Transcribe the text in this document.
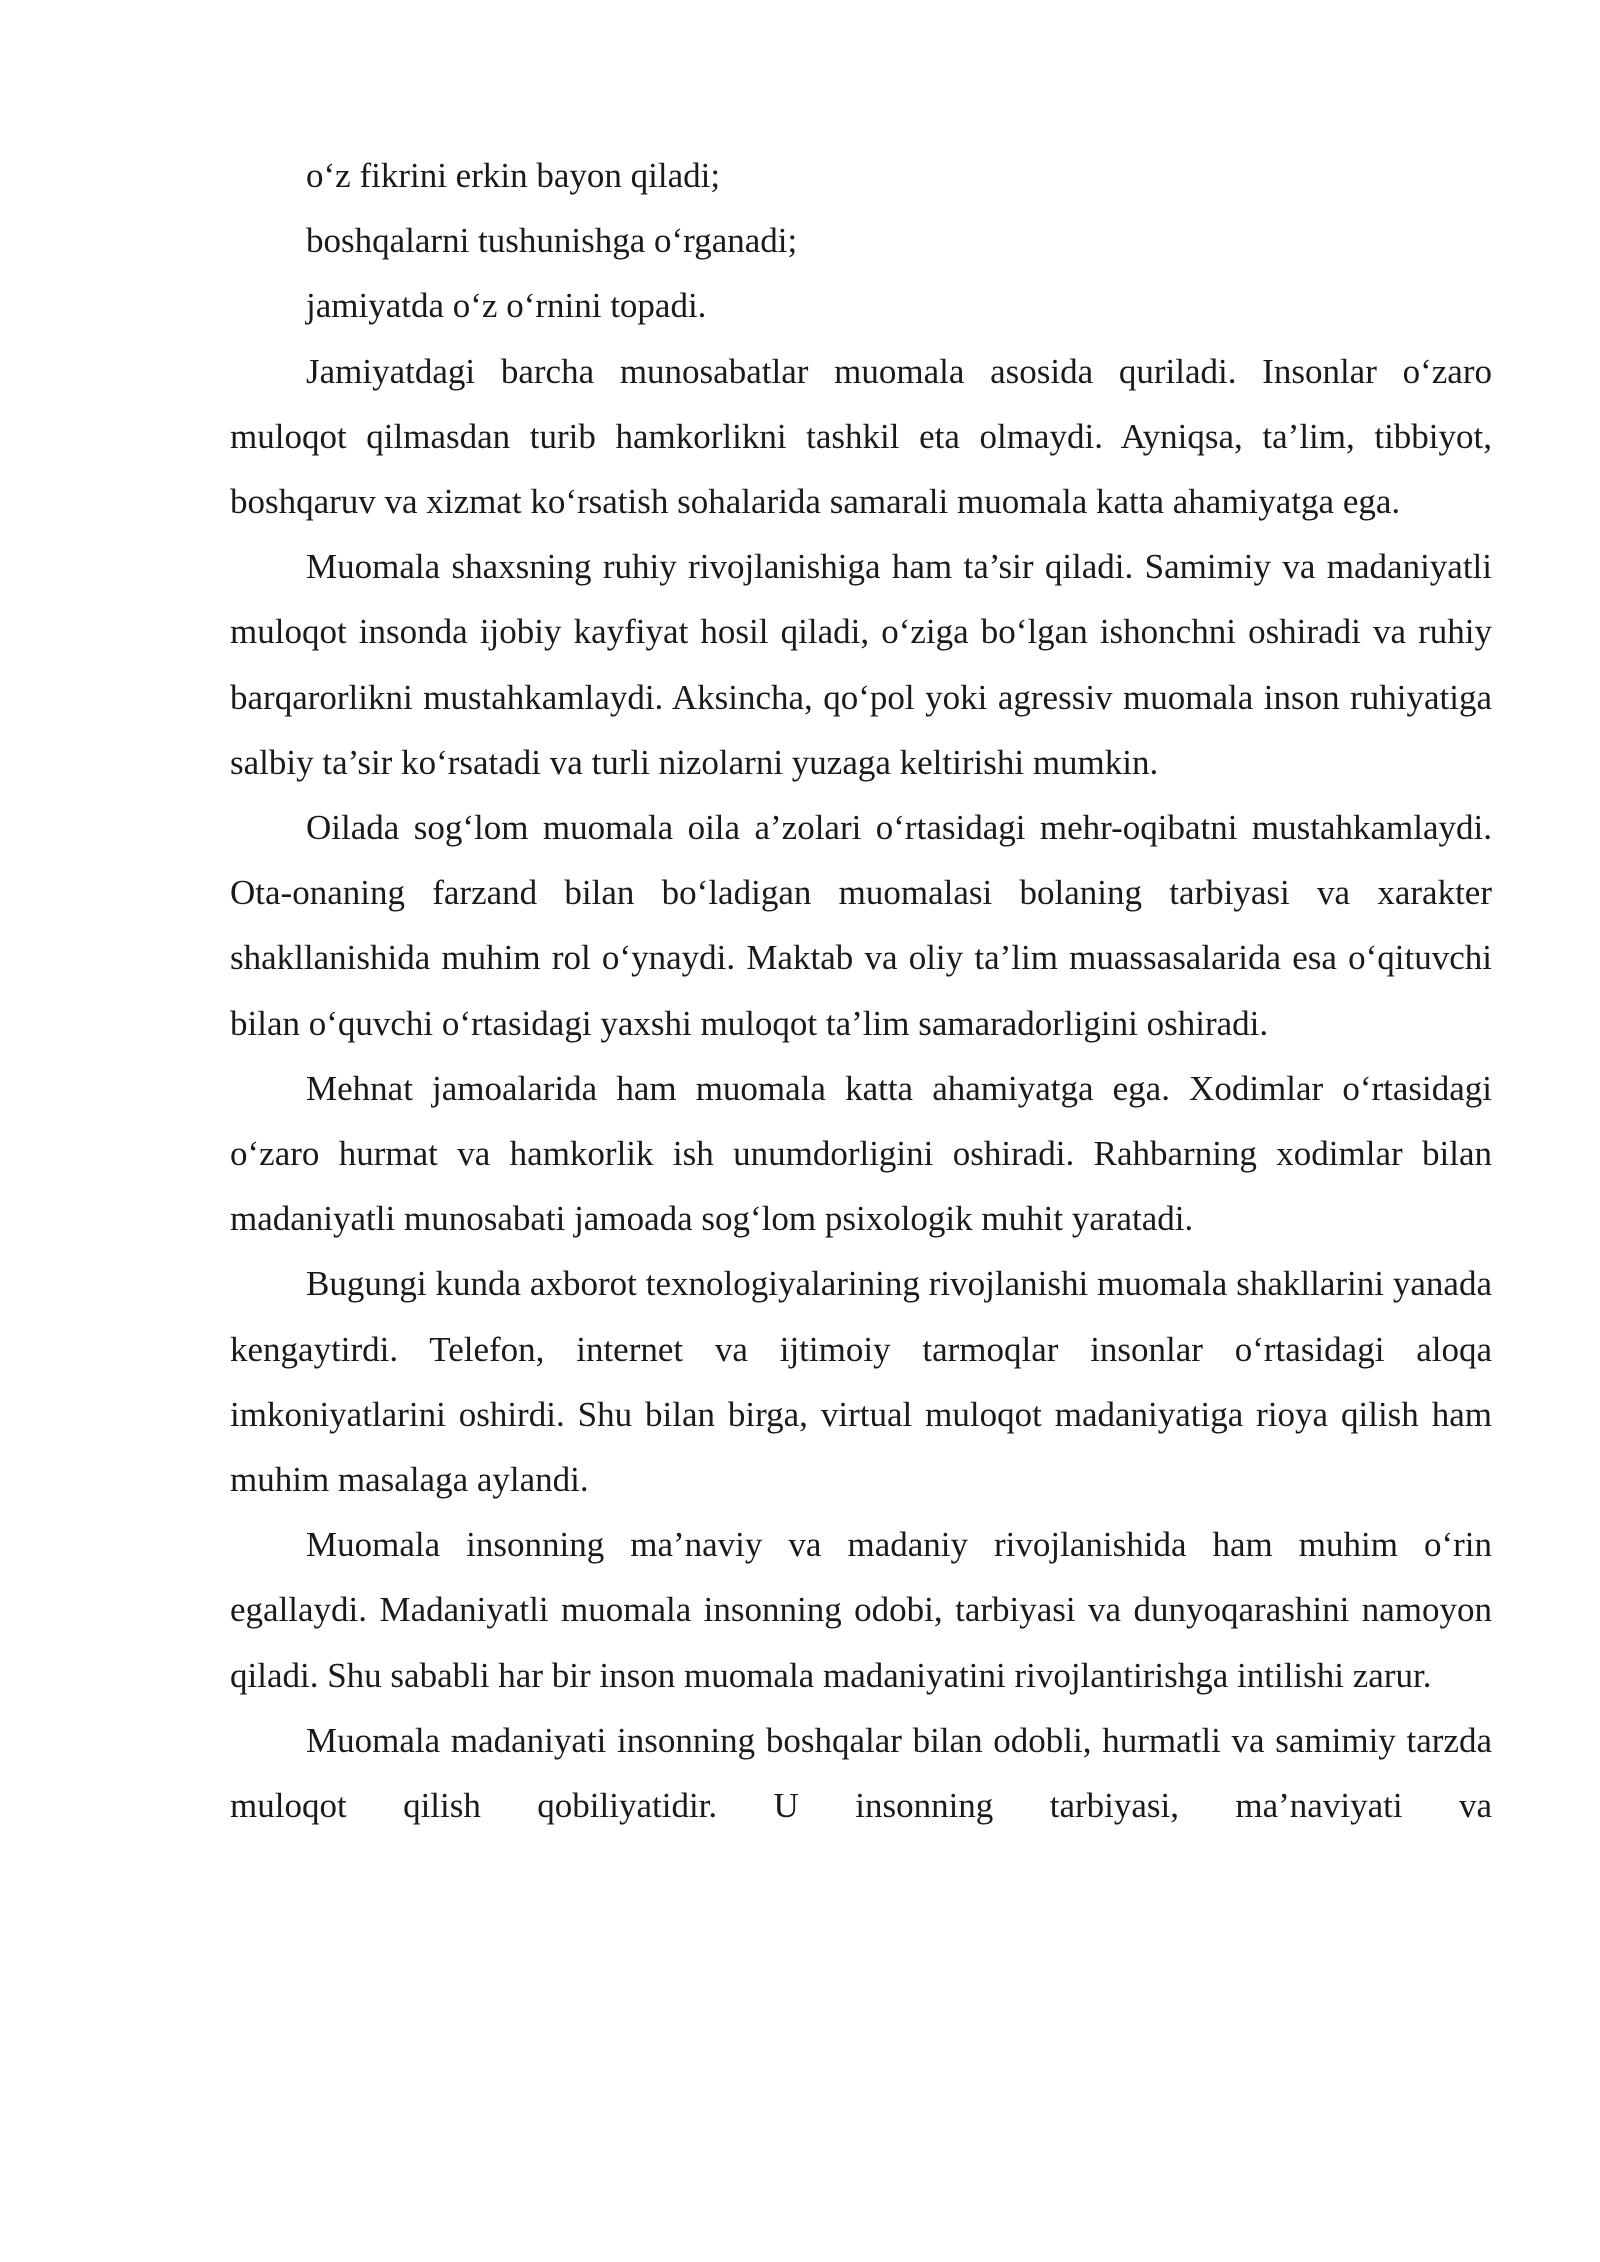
o‘z fikrini erkin bayon qiladi;

boshqalarni tushunishga o‘rganadi;

jamiyatda o‘z o‘rnini topadi.

Jamiyatdagi barcha munosabatlar muomala asosida quriladi. Insonlar o‘zaro muloqot qilmasdan turib hamkorlikni tashkil eta olmaydi. Ayniqsa, ta’lim, tibbiyot, boshqaruv va xizmat ko‘rsatish sohalarida samarali muomala katta ahamiyatga ega.

Muomala shaxsning ruhiy rivojlanishiga ham ta’sir qiladi. Samimiy va madaniyatli muloqot insonda ijobiy kayfiyat hosil qiladi, o‘ziga bo‘lgan ishonchni oshiradi va ruhiy barqarorlikni mustahkamlaydi. Aksincha, qo‘pol yoki agressiv muomala inson ruhiyatiga salbiy ta’sir ko‘rsatadi va turli nizolarni yuzaga keltirishi mumkin.

Oilada sog‘lom muomala oila a’zolari o‘rtasidagi mehr-oqibatni mustahkamlaydi. Ota-onaning farzand bilan bo‘ladigan muomalasi bolaning tarbiyasi va xarakter shakllanishida muhim rol o‘ynaydi. Maktab va oliy ta’lim muassasalarida esa o‘qituvchi bilan o‘quvchi o‘rtasidagi yaxshi muloqot ta’lim samaradorligini oshiradi.

Mehnat jamoalarida ham muomala katta ahamiyatga ega. Xodimlar o‘rtasidagi o‘zaro hurmat va hamkorlik ish unumdorligini oshiradi. Rahbarning xodimlar bilan madaniyatli munosabati jamoada sog‘lom psixologik muhit yaratadi.

Bugungi kunda axborot texnologiyalarining rivojlanishi muomala shakllarini yanada kengaytirdi. Telefon, internet va ijtimoiy tarmoqlar insonlar o‘rtasidagi aloqa imkoniyatlarini oshirdi. Shu bilan birga, virtual muloqot madaniyatiga rioya qilish ham muhim masalaga aylandi.

Muomala insonning ma’naviy va madaniy rivojlanishida ham muhim o‘rin egallaydi. Madaniyatli muomala insonning odobi, tarbiyasi va dunyoqarashini namoyon qiladi. Shu sababli har bir inson muomala madaniyatini rivojlantirishga intilishi zarur.

Muomala madaniyati insonning boshqalar bilan odobli, hurmatli va samimiy tarzda muloqot qilish qobiliyatidir. U insonning tarbiyasi, ma’naviyati va
